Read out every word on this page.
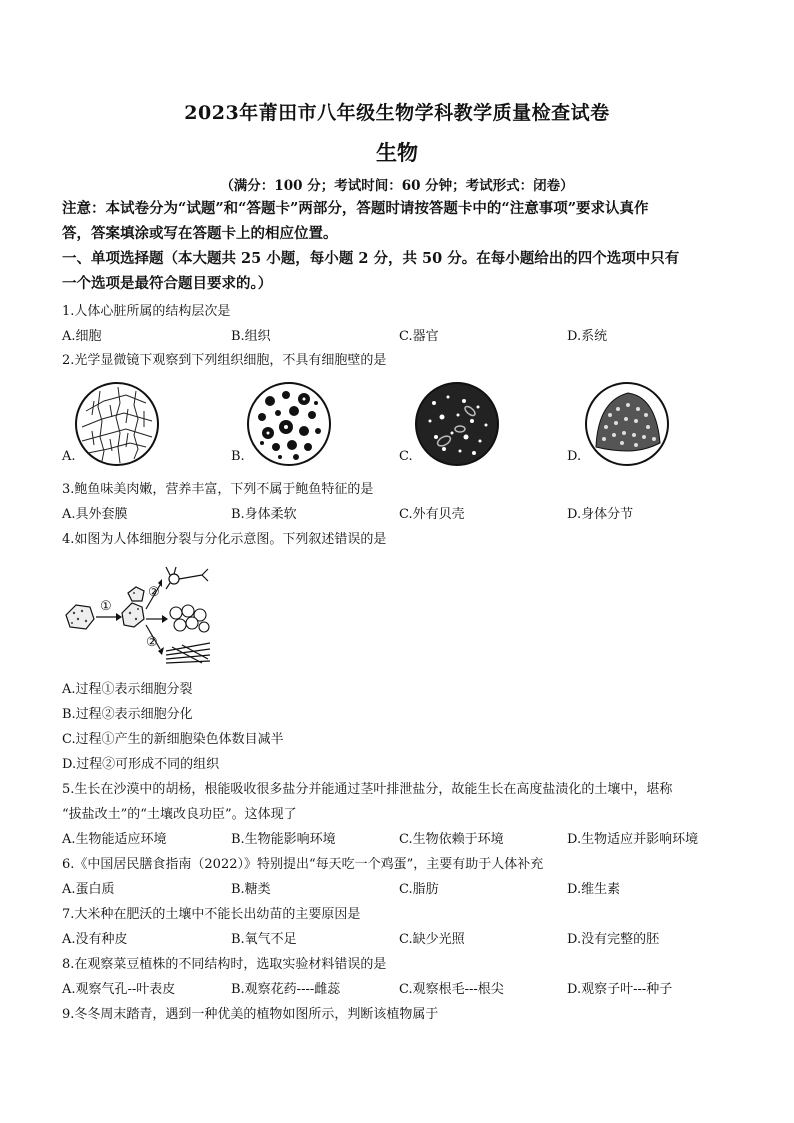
2023年莆田市八年级生物学科教学质量检查试卷
生物
（满分：100 分；考试时间：60 分钟；考试形式：闭卷）
注意：本试卷分为“试题”和“答题卡”两部分，答题时请按答题卡中的“注意事项”要求认真作
答，答案填涂或写在答题卡上的相应位置。
一、单项选择题（本大题共 25 小题，每小题 2 分，共 50 分。在每小题给出的四个选项中只有
一个选项是最符合题目要求的。）
1.人体心脏所属的结构层次是
A.细胞	B.组织	C.器官	D.系统
2.光学显微镜下观察到下列组织细胞，不具有细胞壁的是
A.	B.	C.	D.
3.鲍鱼味美肉嫩，营养丰富，下列不属于鲍鱼特征的是
A.具外套膜	B.身体柔软	C.外有贝壳	D.身体分节
4.如图为人体细胞分裂与分化示意图。下列叙述错误的是
①
②
②
A.过程①表示细胞分裂
B.过程②表示细胞分化
C.过程①产生的新细胞染色体数目减半
D.过程②可形成不同的组织
5.生长在沙漠中的胡杨，根能吸收很多盐分并能通过茎叶排泄盐分，故能生长在高度盐渍化的土壤中，堪称
“拔盐改土”的“土壤改良功臣”。这体现了
A.生物能适应环境	B.生物能影响环境	C.生物依赖于环境	D.生物适应并影响环境
6.《中国居民膳食指南（2022）》特别提出“每天吃一个鸡蛋”，主要有助于人体补充
A.蛋白质	B.糖类	C.脂肪	D.维生素
7.大米种在肥沃的土壤中不能长出幼苗的主要原因是
A.没有种皮	B.氧气不足	C.缺少光照	D.没有完整的胚
8.在观察菜豆植株的不同结构时，选取实验材料错误的是
A.观察气孔--叶表皮	B.观察花药----雌蕊	C.观察根毛---根尖	D.观察子叶---种子
9.冬冬周末踏青，遇到一种优美的植物如图所示，判断该植物属于
